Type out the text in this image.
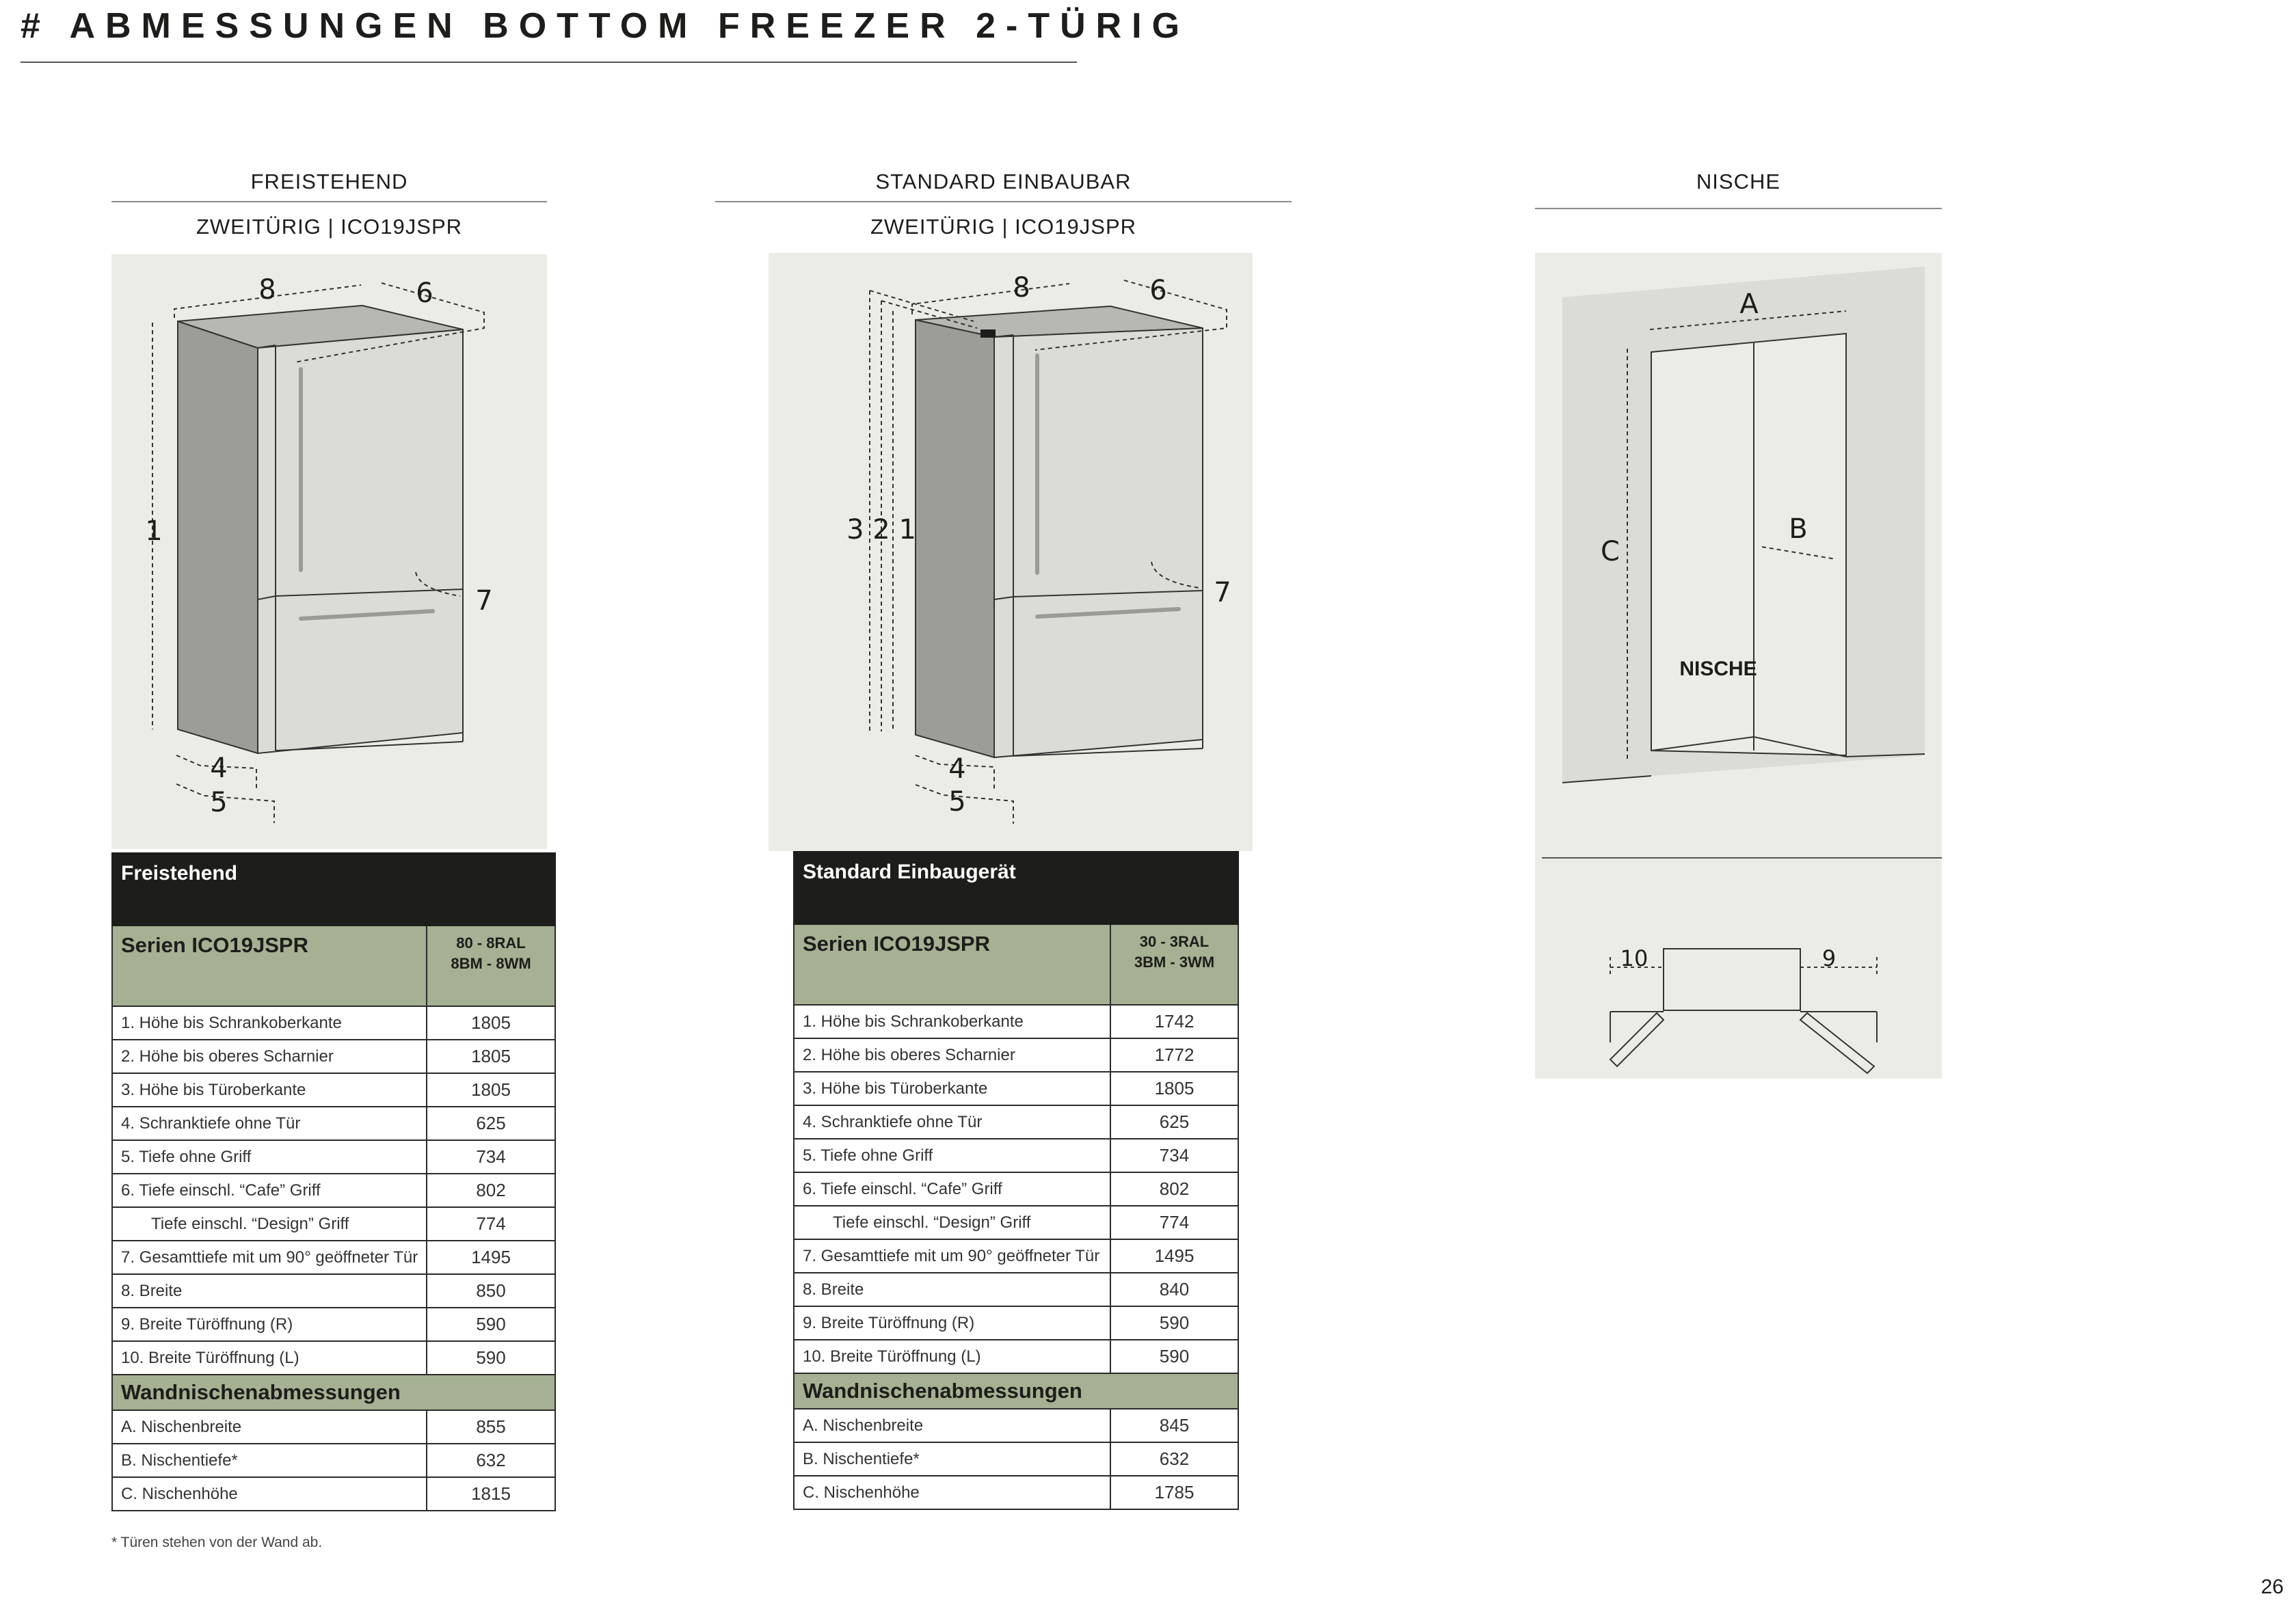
# ABMESSUNGEN BOTTOM FREEZER 2-TÜRIG
FREISTEHEND
ZWEITÜRIG | ICO19JSPR
8	6
1
7
4
5
Freistehend	
Serien ICO19JSPR	80 - 8RAL
8BM - 8WM
1. Höhe bis Schrankoberkante	1805
2. Höhe bis oberes Scharnier	1805
3. Höhe bis Türoberkante	1805
4. Schranktiefe ohne Tür	625
5. Tiefe ohne Griff	734
6. Tiefe einschl. “Cafe” Griff	802
Tiefe einschl. “Design” Griff	774
7. Gesamttiefe mit um 90° geöffneter Tür	1495
8. Breite	850
9. Breite Türöffnung (R)	590
10. Breite Türöffnung (L)	590
Wandnischenabmessungen	
A. Nischenbreite	855
B. Nischentiefe*	632
C. Nischenhöhe	1815
* Türen stehen von der Wand ab.
STANDARD EINBAUBAR
ZWEITÜRIG | ICO19JSPR
8	6
3 2 1
7
4
5
Standard Einbaugerät	
Serien ICO19JSPR	30 - 3RAL
3BM - 3WM
1. Höhe bis Schrankoberkante	1742
2. Höhe bis oberes Scharnier	1772
3. Höhe bis Türoberkante	1805
4. Schranktiefe ohne Tür	625
5. Tiefe ohne Griff	734
6. Tiefe einschl. “Cafe” Griff	802
Tiefe einschl. “Design” Griff	774
7. Gesamttiefe mit um 90° geöffneter Tür	1495
8. Breite	840
9. Breite Türöffnung (R)	590
10. Breite Türöffnung (L)	590
Wandnischenabmessungen	
A. Nischenbreite	845
B. Nischentiefe*	632
C. Nischenhöhe	1785
NISCHE
A
B
C
NISCHE
10	9
26
